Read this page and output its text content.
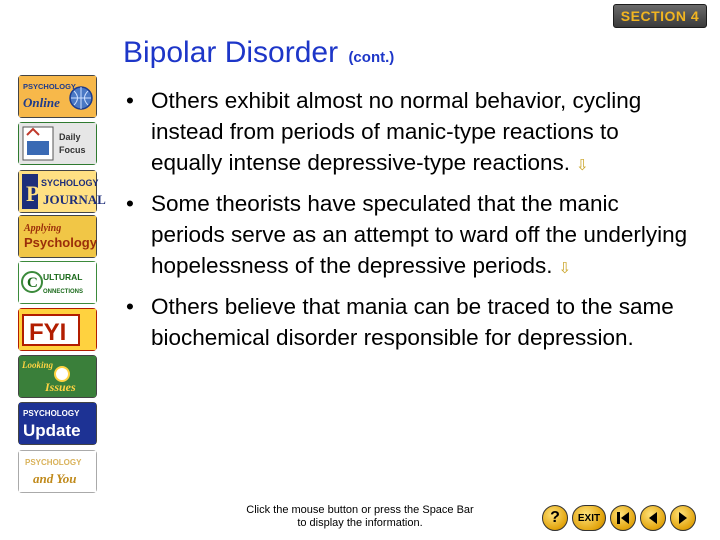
SECTION 4
Bipolar Disorder (cont.)
PSYCHOLOGY
Online
Daily
Focus
P SYCHOLOGY
JOURNAL
Applying
Psychology
C ULTURAL
ONNECTIONS
FYI
Looking
Issues
PSYCHOLOGY
Update
PSYCHOLOGY
and You
• Others exhibit almost no normal behavior, cycling instead from periods of manic-type reactions to equally intense depressive-type reactions. ⇩
• Some theorists have speculated that the manic periods serve as an attempt to ward off the underlying hopelessness of the depressive periods. ⇩
• Others believe that mania can be traced to the same biochemical disorder responsible for depression.
Click the mouse button or press the Space Bar
to display the information.	? EXIT
